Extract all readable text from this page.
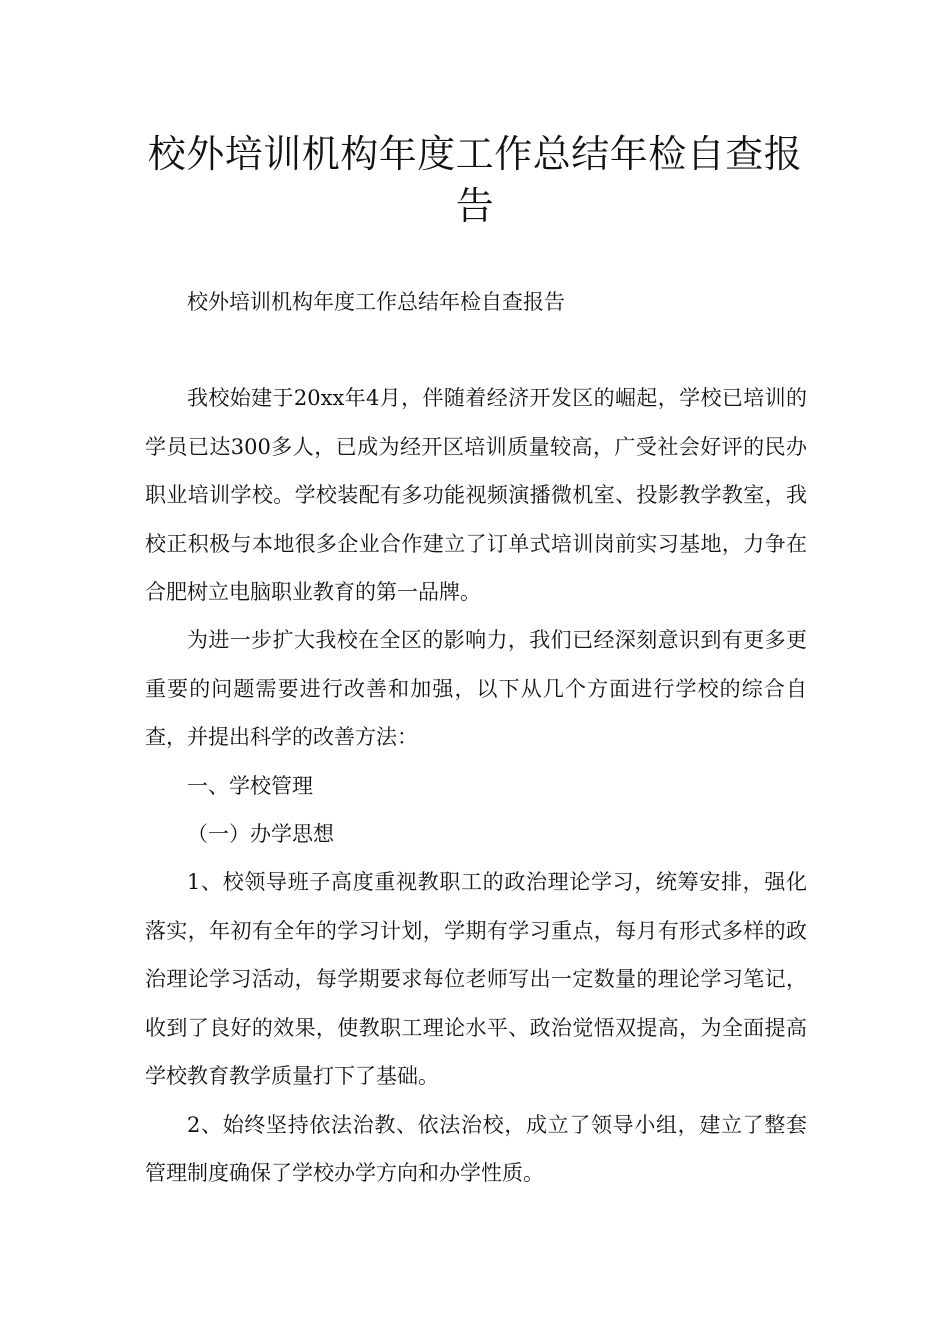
校外培训机构年度工作总结年检自查报告

校外培训机构年度工作总结年检自查报告

我校始建于20xx年4月，伴随着经济开发区的崛起，学校已培训的学员已达300多人，已成为经开区培训质量较高，广受社会好评的民办职业培训学校。学校装配有多功能视频演播微机室、投影教学教室，我校正积极与本地很多企业合作建立了订单式培训岗前实习基地，力争在合肥树立电脑职业教育的第一品牌。

为进一步扩大我校在全区的影响力，我们已经深刻意识到有更多更重要的问题需要进行改善和加强，以下从几个方面进行学校的综合自查，并提出科学的改善方法：

一、学校管理

（一）办学思想

1、校领导班子高度重视教职工的政治理论学习，统筹安排，强化落实，年初有全年的学习计划，学期有学习重点，每月有形式多样的政治理论学习活动，每学期要求每位老师写出一定数量的理论学习笔记，收到了良好的效果，使教职工理论水平、政治觉悟双提高，为全面提高学校教育教学质量打下了基础。

2、始终坚持依法治教、依法治校，成立了领导小组，建立了整套管理制度确保了学校办学方向和办学性质。
